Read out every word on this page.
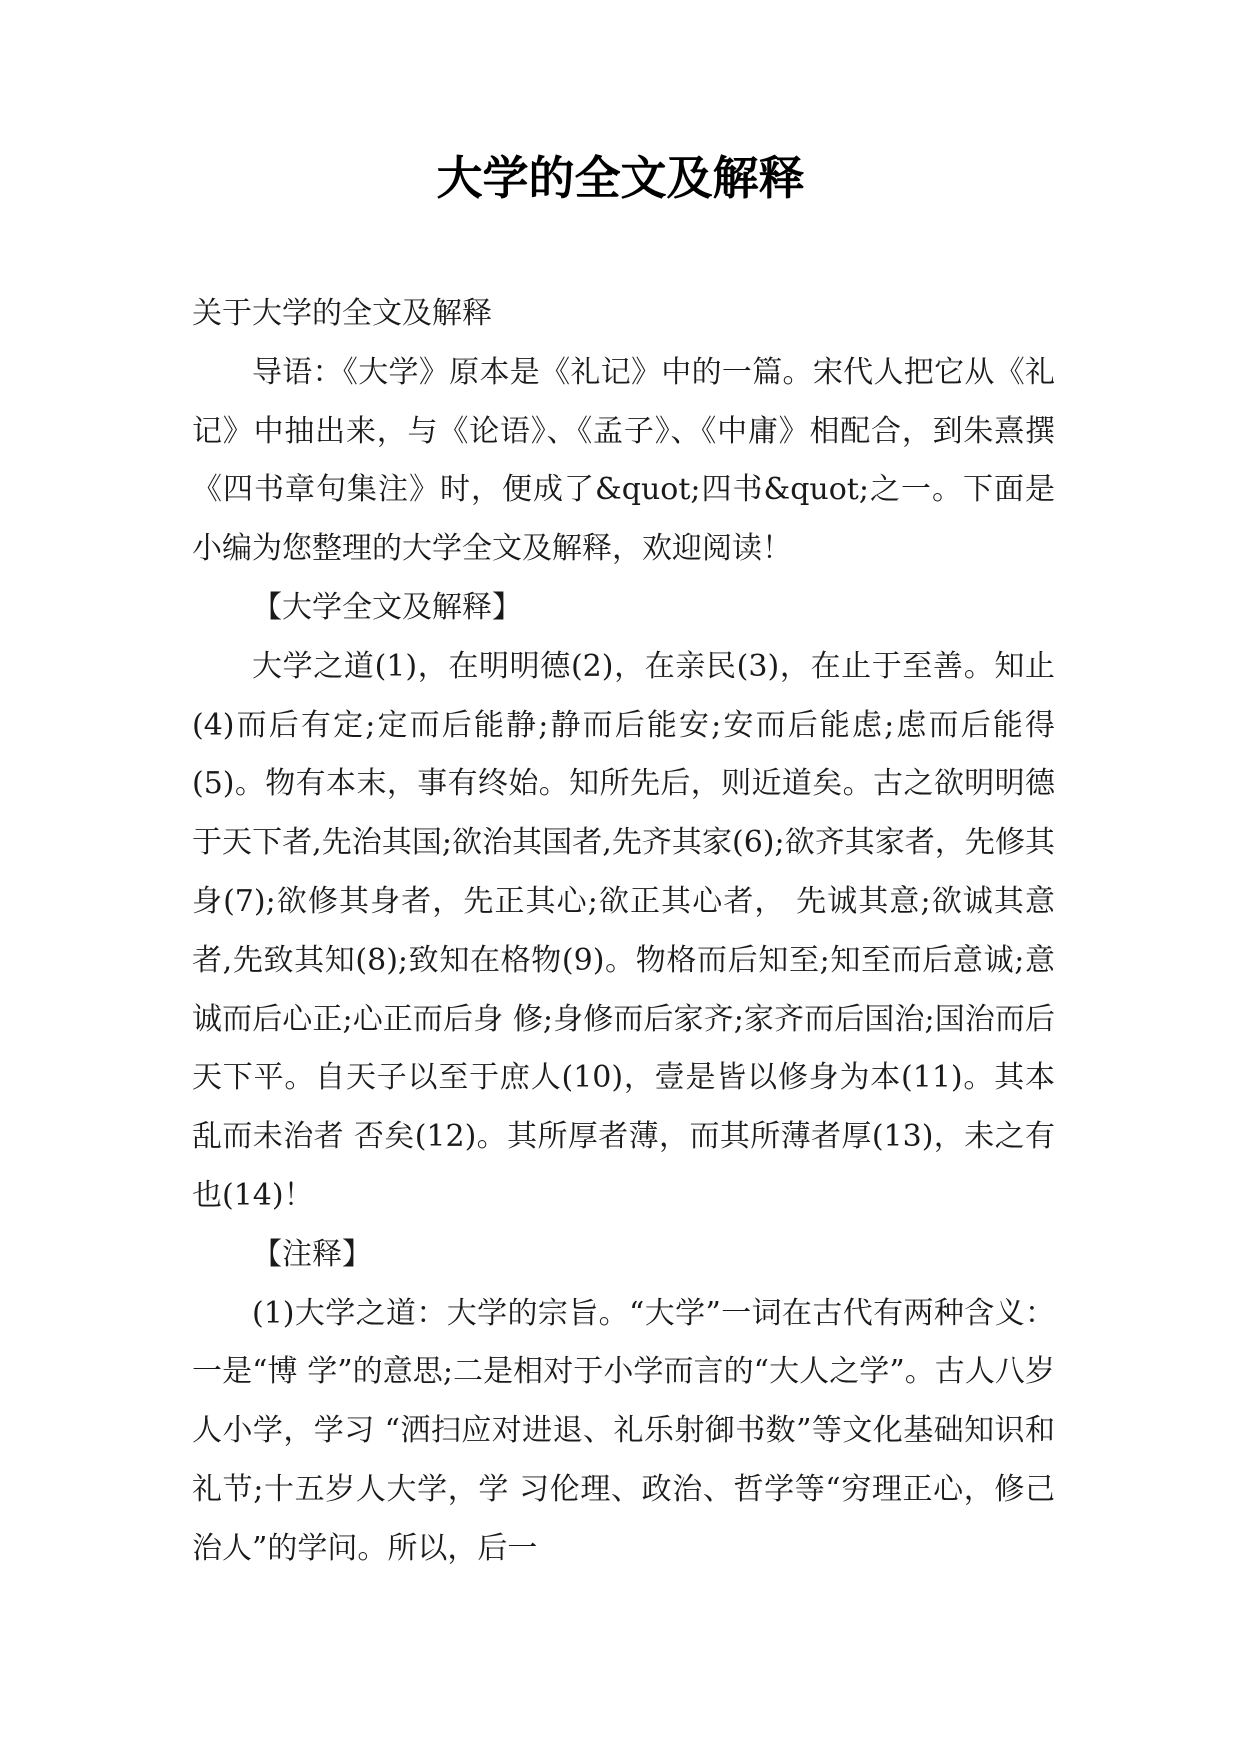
大学的全文及解释

关于大学的全文及解释

导语：《大学》原本是《礼记》中的一篇。宋代人把它从《礼记》中抽出来，与《论语》、《孟子》、《中庸》相配合，到朱熹撰《四书章句集注》时，便成了&quot;四书&quot;之一。下面是小编为您整理的大学全文及解释，欢迎阅读！

【大学全文及解释】

大学之道(1)，在明明德(2)，在亲民(3)，在止于至善。知止(4)而后有定;定而后能静;静而后能安;安而后能虑;虑而后能得(5)。物有本末，事有终始。知所先后，则近道矣。古之欲明明德于天下者,先治其国;欲治其国者,先齐其家(6);欲齐其家者，先修其身(7);欲修其身者，先正其心;欲正其心者， 先诚其意;欲诚其意者,先致其知(8);致知在格物(9)。物格而后知至;知至而后意诚;意诚而后心正;心正而后身 修;身修而后家齐;家齐而后国治;国治而后天下平。自天子以至于庶人(10)，壹是皆以修身为本(11)。其本乱而未治者 否矣(12)。其所厚者薄，而其所薄者厚(13)，未之有也(14)！

【注释】

(1)大学之道：大学的宗旨。“大学”一词在古代有两种含义：一是“博 学”的意思;二是相对于小学而言的“大人之学”。古人八岁人小学，学习 “洒扫应对进退、礼乐射御书数”等文化基础知识和礼节;十五岁人大学，学 习伦理、政治、哲学等“穷理正心，修己治人”的学问。所以，后一
